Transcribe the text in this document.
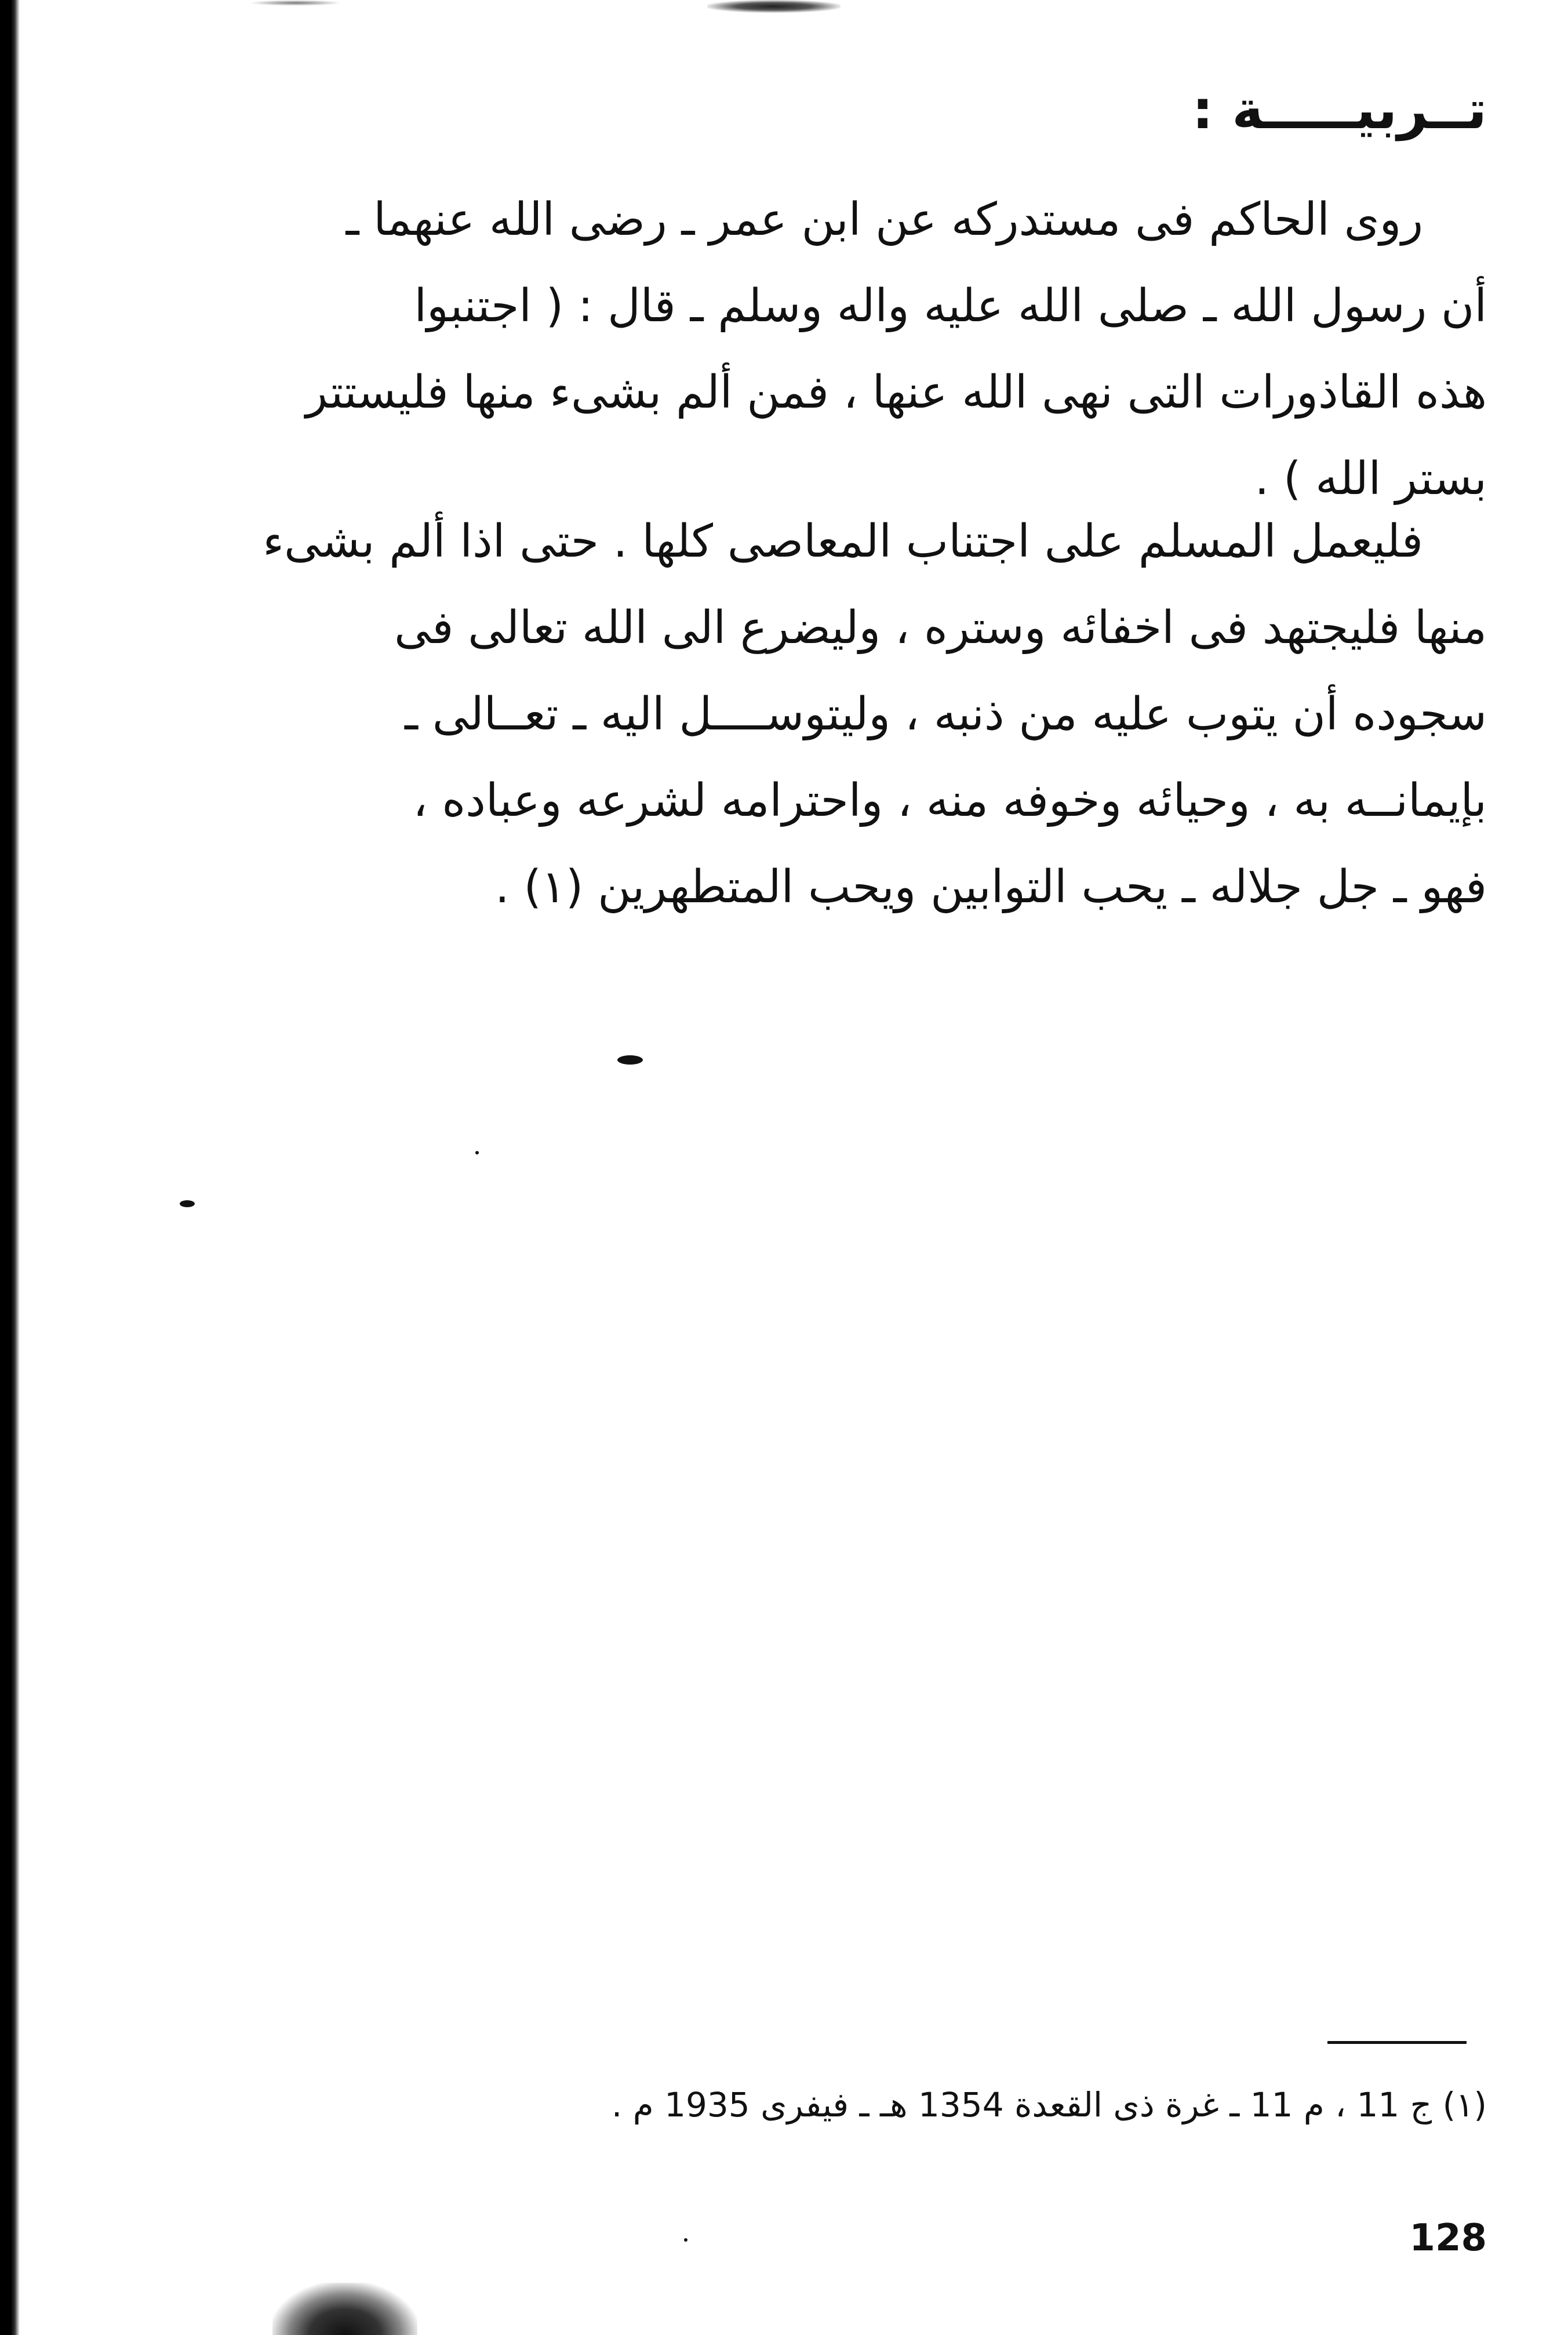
تــربيـــــة :
روى الحاكم فى مستدركه عن ابن عمر ـ رضى الله عنهما ـ
أن رسول الله ـ صلى الله عليه واله وسلم ـ قال : ( اجتنبوا
هذه القاذورات التى نهى الله عنها ، فمن ألم بشىء منها فليستتر
بستر الله ) .
فليعمل المسلم على اجتناب المعاصى كلها . حتى اذا ألم بشىء
منها فليجتهد فى اخفائه وستره ، وليضرع الى الله تعالى فى
سجوده أن يتوب عليه من ذنبه ، وليتوســــل اليه ـ تعــالى ـ
بإيمانــه به ، وحيائه وخوفه منه ، واحترامه لشرعه وعباده ،
فهو ـ جل جلاله ـ يحب التوابين ويحب المتطهرين (١) .
(١) ج 11 ، م 11 ـ غرة ذى القعدة 1354 هـ ـ فيفرى 1935 م .
128
